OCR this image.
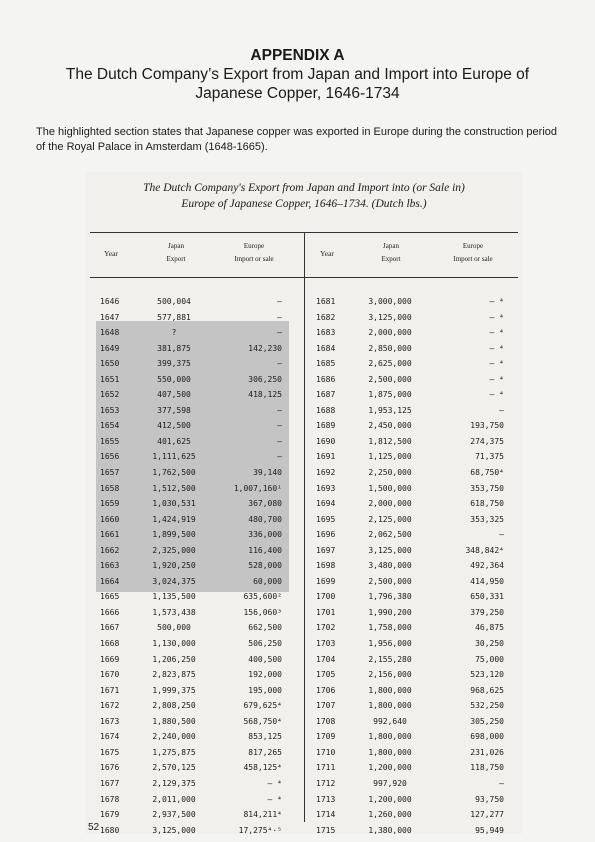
APPENDIX A
The Dutch Company’s Export from Japan and Import into Europe of Japanese Copper, 1646-1734
The highlighted section states that Japanese copper was exported in Europe during the construction period of the Royal Palace in Amsterdam (1648-1665).
The Dutch Company's Export from Japan and Import into (or Sale in)
Europe of Japanese Copper, 1646–1734. (Dutch lbs.)
Year
Japan
Export
Europe
Import or sale
Year
Japan
Export
Europe
Import or sale
1646
1647
1648
1649
1650
1651
1652
1653
1654
1655
1656
1657
1658
1659
1660
1661
1662
1663
1664
1665
1666
1667
1668
1669
1670
1671
1672
1673
1674
1675
1676
1677
1678
1679
1680
500,004
577,881
?
381,875
399,375
550,000
407,500
377,598
412,500
401,625
1,111,625
1,762,500
1,512,500
1,030,531
1,424,919
1,899,500
2,325,000
1,920,250
3,024,375
1,135,500
1,573,438
500,000
1,130,000
1,206,250
2,823,875
1,999,375
2,808,250
1,880,500
2,240,000
1,275,875
2,570,125
2,129,375
2,011,000
2,937,500
3,125,000
—
—
—
142,230
—
306,250
418,125
—
—
—
—
39,140
1,007,160¹
367,080
480,700
336,000
116,400
528,000
60,000
635,600²
156,060³
662,500
506,250
400,500
192,000
195,000
679,625⁴
568,750⁴
853,125
817,265
458,125⁴
— ⁴
— ⁴
814,211⁴
17,275⁴·⁵
1681
1682
1683
1684
1685
1686
1687
1688
1689
1690
1691
1692
1693
1694
1695
1696
1697
1698
1699
1700
1701
1702
1703
1704
1705
1706
1707
1708
1709
1710
1711
1712
1713
1714
1715
3,000,000
3,125,000
2,000,000
2,850,000
2,625,000
2,500,000
1,875,000
1,953,125
2,450,000
1,812,500
1,125,000
2,250,000
1,500,000
2,000,000
2,125,000
2,062,500
3,125,000
3,480,000
2,500,000
1,796,380
1,990,200
1,758,000
1,956,000
2,155,280
2,156,000
1,800,000
1,800,000
992,640
1,800,000
1,800,000
1,200,000
997,920
1,200,000
1,260,000
1,380,000
— ⁴
— ⁴
— ⁴
— ⁴
— ⁴
— ⁴
— ⁴
—
193,750
274,375
71,375
68,750⁴
353,750
618,750
353,325
—
348,842⁴
492,364
414,950
650,331
379,250
46,875
30,250
75,000
523,120
968,625
532,250
305,250
698,000
231,026
118,750
—
93,750
127,277
95,949
52
